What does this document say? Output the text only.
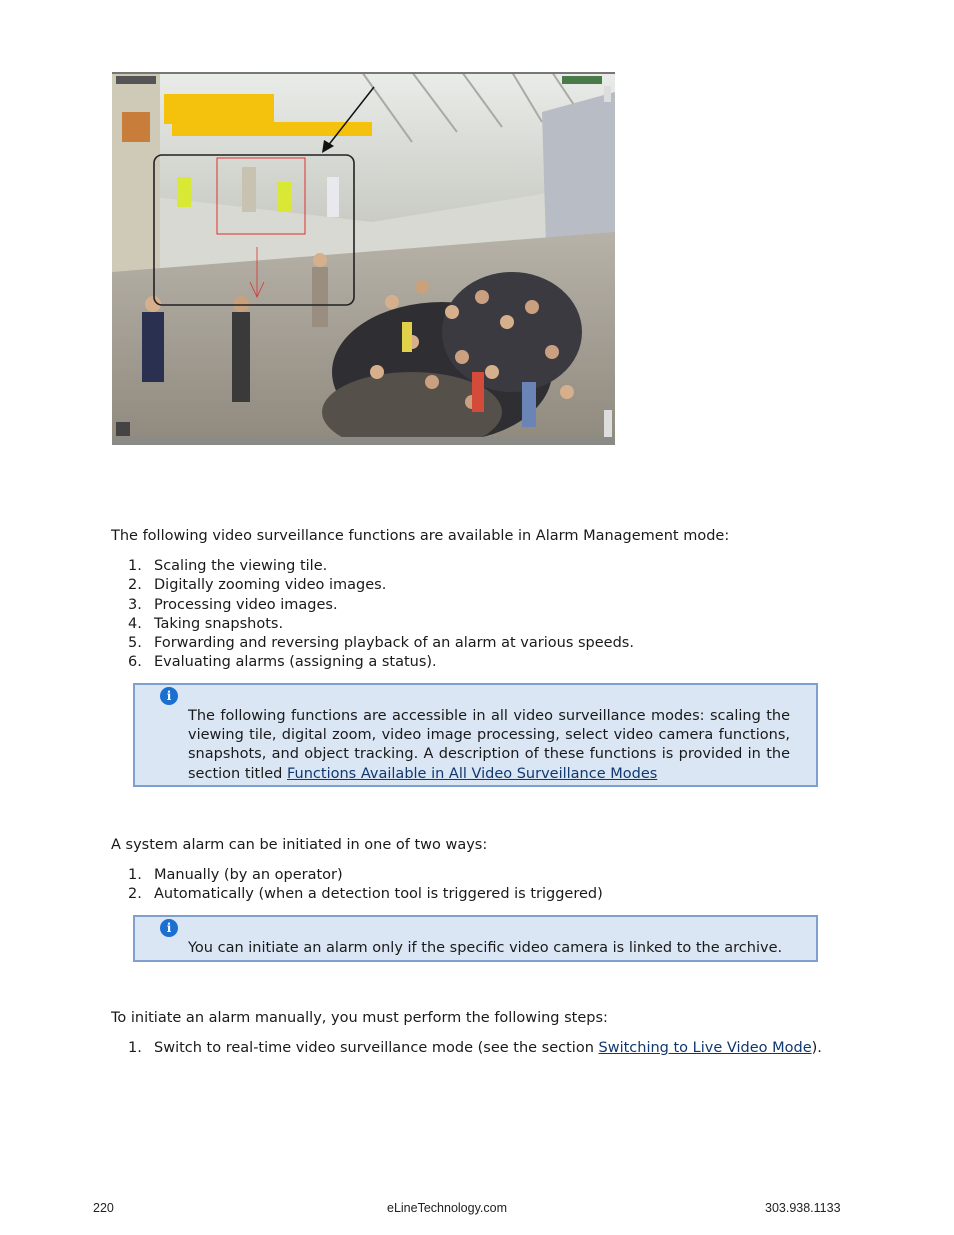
The following video surveillance functions are available in Alarm Management mode:

1. Scaling the viewing tile.
2. Digitally zooming video images.
3. Processing video images.
4. Taking snapshots.
5. Forwarding and reversing playback of an alarm at various speeds.
6. Evaluating alarms (assigning a status).
i

The following functions are accessible in all video surveillance modes: scaling the viewing tile, digital zoom, video image processing, select video camera functions, snapshots, and object tracking. A description of these functions is provided in the section titled Functions Available in All Video Surveillance Modes

A system alarm can be initiated in one of two ways:

1. Manually (by an operator)
2. Automatically (when a detection tool is triggered is triggered)
i

You can initiate an alarm only if the specific video camera is linked to the archive.

To initiate an alarm manually, you must perform the following steps:

1. Switch to real-time video surveillance mode (see the section Switching to Live Video Mode).
220	eLineTechnology.com	303.938.1133
